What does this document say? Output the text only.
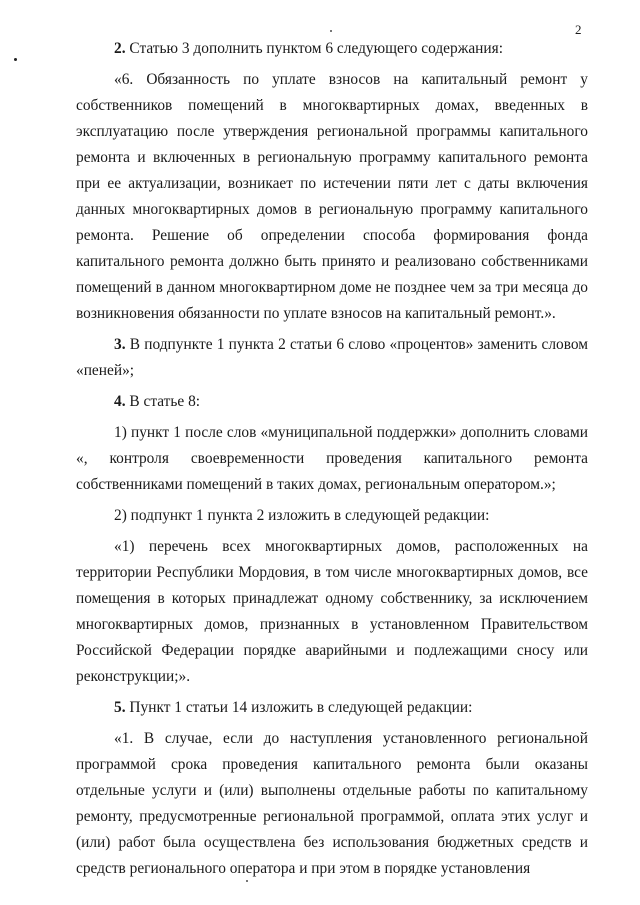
2

2. Статью 3 дополнить пунктом 6 следующего содержания:

«6. Обязанность по уплате взносов на капитальный ремонт у собственников помещений в многоквартирных домах, введенных в эксплуатацию после утверждения региональной программы капитального ремонта и включенных в региональную программу капитального ремонта при ее актуализации, возникает по истечении пяти лет с даты включения данных многоквартирных домов в региональную программу капитального ремонта. Решение об определении способа формирования фонда капитального ремонта должно быть принято и реализовано собственниками помещений в данном многоквартирном доме не позднее чем за три месяца до возникновения обязанности по уплате взносов на капитальный ремонт.».

3. В подпункте 1 пункта 2 статьи 6 слово «процентов» заменить словом «пеней»;

4. В статье 8:

1) пункт 1 после слов «муниципальной поддержки» дополнить словами «, контроля своевременности проведения капитального ремонта собственниками помещений в таких домах, региональным оператором.»;

2) подпункт 1 пункта 2 изложить в следующей редакции:

«1) перечень всех многоквартирных домов, расположенных на территории Республики Мордовия, в том числе многоквартирных домов, все помещения в которых принадлежат одному собственнику, за исключением многоквартирных домов, признанных в установленном Правительством Российской Федерации порядке аварийными и подлежащими сносу или реконструкции;».

5. Пункт 1 статьи 14 изложить в следующей редакции:

«1. В случае, если до наступления установленного региональной программой срока проведения капитального ремонта были оказаны отдельные услуги и (или) выполнены отдельные работы по капитальному ремонту, предусмотренные региональной программой, оплата этих услуг и (или) работ была осуществлена без использования бюджетных средств и средств регионального оператора и при этом в порядке установления
